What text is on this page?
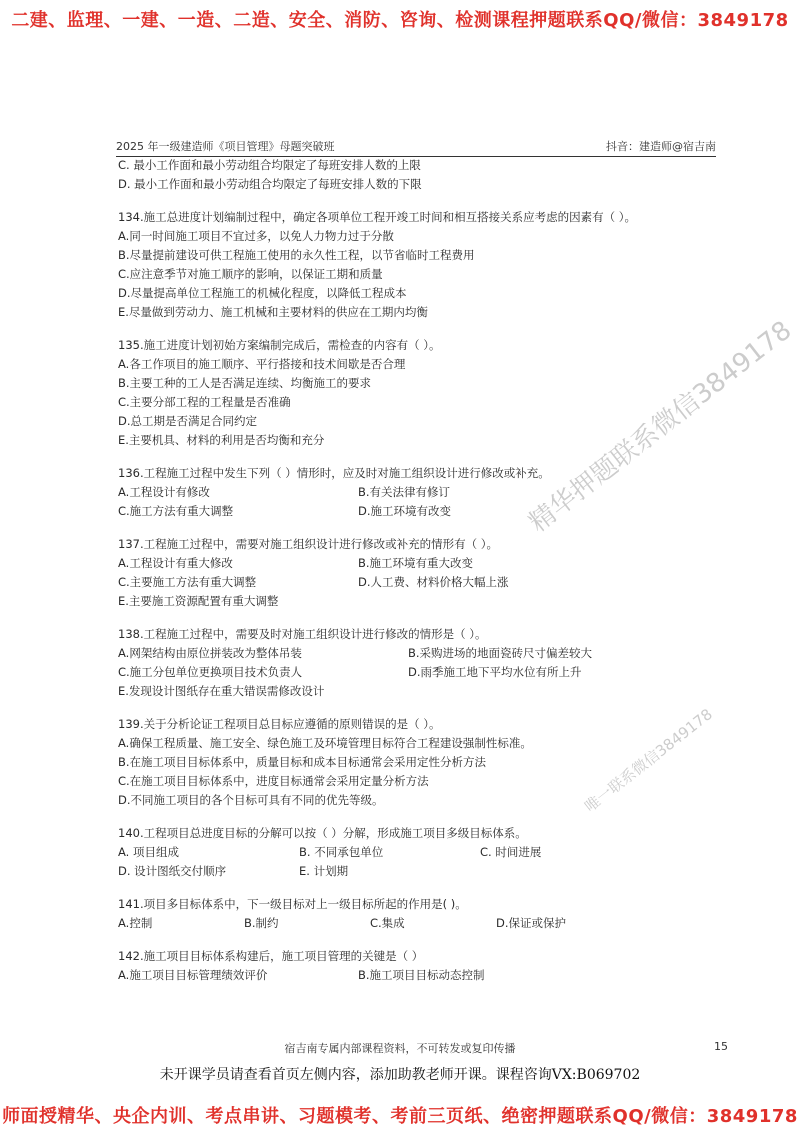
二建、监理、一建、一造、二造、安全、消防、咨询、检测课程押题联系QQ/微信：3849178
2025 年一级建造师《项目管理》母题突破班	抖音：建造师@宿吉南
C. 最小工作面和最小劳动组合均限定了每班安排人数的上限
D. 最小工作面和最小劳动组合均限定了每班安排人数的下限
134.施工总进度计划编制过程中，确定各项单位工程开竣工时间和相互搭接关系应考虑的因素有（ ）。
A.同一时间施工项目不宜过多，以免人力物力过于分散
B.尽量提前建设可供工程施工使用的永久性工程，以节省临时工程费用
C.应注意季节对施工顺序的影响，以保证工期和质量
D.尽量提高单位工程施工的机械化程度，以降低工程成本
E.尽量做到劳动力、施工机械和主要材料的供应在工期内均衡
135.施工进度计划初始方案编制完成后，需检查的内容有（ ）。
A.各工作项目的施工顺序、平行搭接和技术间歇是否合理
B.主要工种的工人是否满足连续、均衡施工的要求
C.主要分部工程的工程量是否准确
D.总工期是否满足合同约定
E.主要机具、材料的利用是否均衡和充分
136.工程施工过程中发生下列（ ）情形时，应及时对施工组织设计进行修改或补充。
A.工程设计有修改	B.有关法律有修订
C.施工方法有重大调整	D.施工环境有改变
137.工程施工过程中，需要对施工组织设计进行修改或补充的情形有（ ）。
A.工程设计有重大修改	B.施工环境有重大改变
C.主要施工方法有重大调整	D.人工费、材料价格大幅上涨
E.主要施工资源配置有重大调整
138.工程施工过程中，需要及时对施工组织设计进行修改的情形是（ ）。
A.网架结构由原位拼装改为整体吊装	B.采购进场的地面瓷砖尺寸偏差较大
C.施工分包单位更换项目技术负责人	D.雨季施工地下平均水位有所上升
E.发现设计图纸存在重大错误需修改设计
139.关于分析论证工程项目总目标应遵循的原则错误的是（ ）。
A.确保工程质量、施工安全、绿色施工及环境管理目标符合工程建设强制性标准。
B.在施工项目目标体系中，质量目标和成本目标通常会采用定性分析方法
C.在施工项目目标体系中，进度目标通常会采用定量分析方法
D.不同施工项目的各个目标可具有不同的优先等级。
140.工程项目总进度目标的分解可以按（ ）分解，形成施工项目多级目标体系。
A. 项目组成	B. 不同承包单位	C. 时间进展
D. 设计图纸交付顺序	E. 计划期
141.项目多目标体系中，下一级目标对上一级目标所起的作用是( )。
A.控制	B.制约	C.集成	D.保证或保护
142.施工项目目标体系构建后，施工项目管理的关键是（ ）
A.施工项目目标管理绩效评价	B.施工项目目标动态控制
精华押题联系微信3849178
唯一联系微信3849178
宿吉南专属内部课程资料，不可转发或复印传播	15
未开课学员请查看首页左侧内容，添加助教老师开课。课程咨询VX:B069702
师面授精华、央企内训、考点串讲、习题模考、考前三页纸、绝密押题联系QQ/微信：3849178
